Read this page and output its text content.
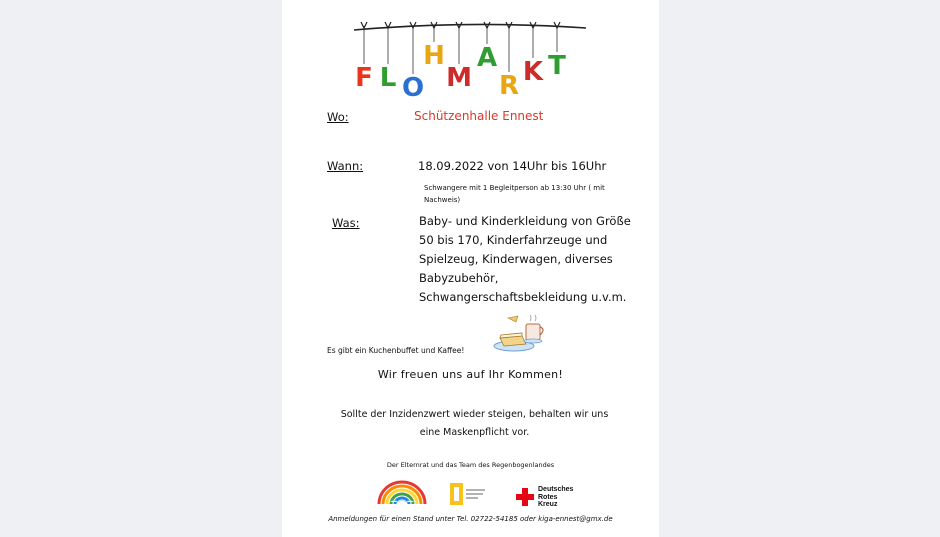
F L O
H
M
A
R K T
Wo:	Schützenhalle Ennest
Wann:	18.09.2022 von 14Uhr bis 16Uhr
Schwangere mit 1 Begleitperson ab 13:30 Uhr ( mit Nachweis)
Was:	Baby- und Kinderkleidung von Größe
50 bis 170, Kinderfahrzeuge und
Spielzeug, Kinderwagen, diverses
Babyzubehör,
Schwangerschaftsbekleidung u.v.m.
Es gibt ein Kuchenbuffet und Kaffee!
Wir freuen uns auf Ihr Kommen!
Sollte der Inzidenzwert wieder steigen, behalten wir uns eine Maskenpflicht vor.
Der Elternrat und das Team des Regenbogenlandes
Deutsches
Rotes
Kreuz
Anmeldungen für einen Stand unter Tel. 02722-54185 oder kiga-ennest@gmx.de
